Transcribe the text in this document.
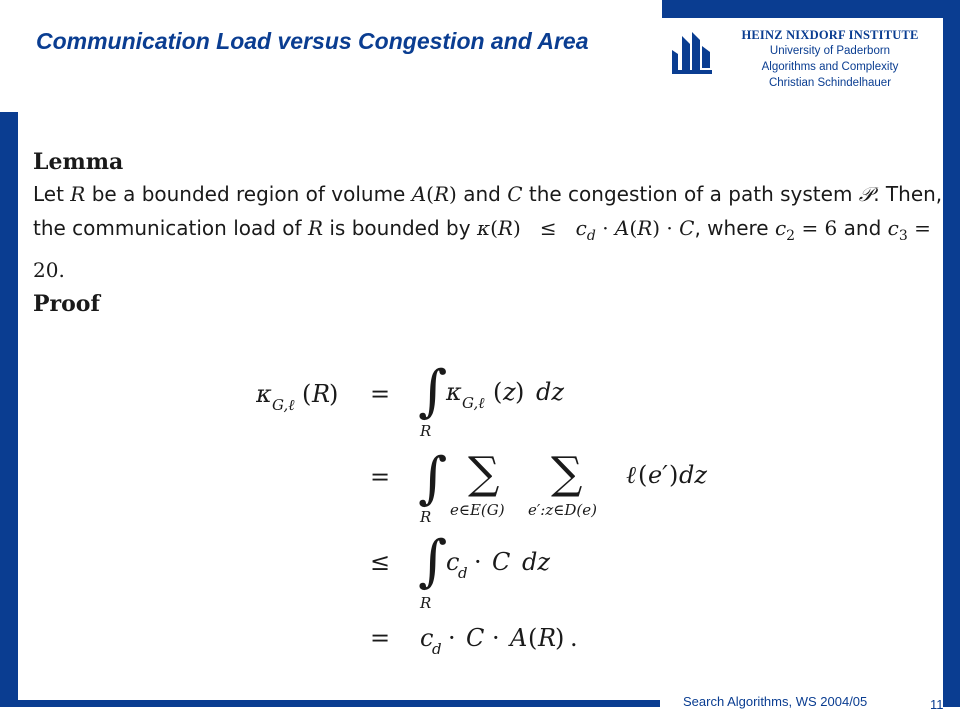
Communication Load versus Congestion and Area	HEINZ NIXDORF INSTITUTE
University of Paderborn
Algorithms and Complexity
Christian Schindelhauer

Lemma

Let R be a bounded region of volume A(R) and C the congestion of a path system 𝒫. Then, the communication load of R is bounded by $\kappa(R) \le c_d \cdot A(R) \cdot C$, where $c_2 = 6$ and $c_3 = 20$.

Proof

κ G,ℓ ( R
) = ∫
R
κ G,ℓ ( z ) dz
= ∫
R
∑
e∈E(G)
∑
e′:z∈D(e)
ℓ ( e′ ) dz
≤ ∫
R
c
d · C dz
= c
d · C · A ( R
) .
Search Algorithms, WS 2004/05	11
